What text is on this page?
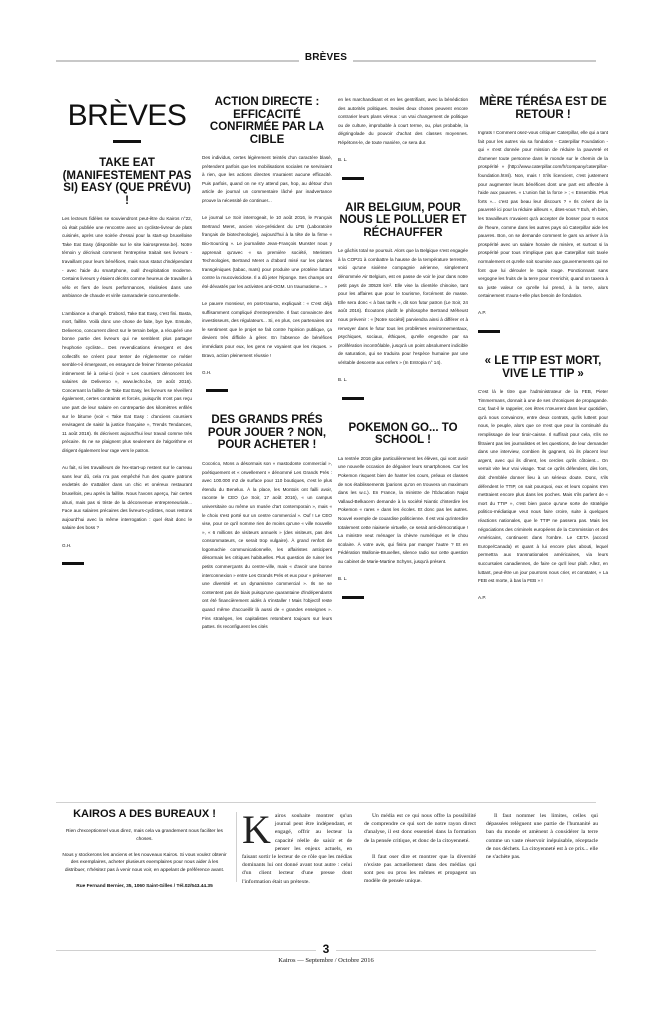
BRÈVES
BRÈVES
TAKE EAT (MANIFESTEMENT PAS SI) EASY (QUE PRÉVU) !

Les lecteurs fidèles se souviendront peut-être du Kairos n°22, où était publiée une rencontre avec un cycliste-livreur de plats cuisinés, après une soirée d'essai pour la start-up bruxelloise Take Eat Easy (disponible sur le site kairospresse.be). Notre témoin y décrivait comment l'entreprise traitait ses livreurs - travaillant pour leurs bénéfices, mais sous statut d'indépendant - avec l'aide du smartphone, outil d'exploitation moderne. Certains livreurs y étaient décrits comme heureux de travailler à vélo et fiers de leurs performances, réalisées dans une ambiance de chaude et virile camaraderie concurrentielle.

L'ambiance a changé. D'abord, Take Eat Easy, c'est fini. Basta, mort, faillite. Voilà donc une chose de faite, bye bye. Ensuite, Deliveroo, concurrent direct sur le terrain belge, a récupéré une bonne partie des livreurs qui ne semblent plus partager l'euphorie cycliste... Des revendications émergent et des collectifs se créent pour tenter de réglementer ce métier semble-t-il émergeant, en essayant de freiner l'intense précariat intimement lié à celui-ci (voir « Les coursiers dénoncent les salaires de Deliveroo », www.lecho.be, 19 août 2016). Concernant la faillite de Take Eat Easy, les livreurs se réveillent également, certes contraints et forcés, puisqu'ils n'ont pas reçu une part de leur salaire en contrepartie des kilomètres enfilés sur le bitume (voir « Take Eat Easy : d'anciens coursiers envisagent de saisir la justice française », Trends Tendances, 11 août 2016). Ils décrivent aujourd'hui leur travail comme très précaire. Ils ne se plaignent plus seulement de l'algorithme et dirigent également leur rage vers le patron.

Au fait, si les travailleurs de l'ex-start-up restent sur le carreau sans leur dû, cela n'a pas empêché l'un des quatre patrons endettés de s'attabler dans un chic et onéreux restaurant bruxellois, peu après la faillite. Nous l'avons aperçu, l'air certes ahuri, mais pas si triste de la déconvenue entrepreneuriale... Face aux salaires précaires des livreurs-cyclistes, nous restons aujourd'hui avec la même interrogation : quel était donc le salaire des boss ?

G.H.
ACTION DIRECTE : EFFICACITÉ CONFIRMÉE PAR LA CIBLE

Des individus, certes légèrement teintés d'un caractère blasé, prétendent parfois que les mobilisations sociales ne serviraient à rien, que les actions directes n'auraient aucune efficacité. Puis parfois, quand on ne s'y attend pas, hop, au détour d'un article de journal un commentaire lâché par inadvertance prouve la nécessité de continuer...

Le journal Le Soir interrogeait, le 10 août 2016, le Français Bertrand Meret, ancien vice-président du LFB (Laboratoire français de biotechnologie), aujourd'hui à la tête de la firme « Bio-Sourcing ». Le journaliste Jean-François Munster nous y apprenait qu'avec « sa première société, Meristem Technologies, Bertrand Meret a d'abord misé sur les plantes transgéniques (tabac, maïs) pour produire une protéine luttant contre la mucoviscidose. Il a dû jeter l'éponge. Ses champs ont été dévastés par les activistes anti-OGM. Un traumatisme... »

Le pauvre monsieur, en post-trauma, expliquait : « C'est déjà suffisamment compliqué d'entreprendre. Il faut convaincre des investisseurs, des régulateurs... Si, en plus, ces partenaires ont le sentiment que le projet se fait contre l'opinion publique, ça devient très difficile à gérer. En l'absence de bénéfices immédiats pour eux, les gens ne voyaient que les risques. » Bravo, action pleinement réussie !

G.H.
DES GRANDS PRÉS POUR JOUER ? NON, POUR ACHETER !

Cocorico, Mons a désormais son « mastodonte commercial », poétiquement et « orwellement » dénommé Les Grands Prés : avec 100.000 m2 de surface pour 110 boutiques, c'est le plus étendu du Benelux. À la place, les Montois ont failli avoir, raconte le CEO (Le Soir, 17 août 2016), « un campus universitaire ou même un musée d'art contemporain », mais « le choix s'est porté sur un centre commercial ». Ouf ! Le CEO vise, pour ce qu'il nomme rien de moins qu'une « ville nouvelle », « 6 millions de visiteurs annuels » (des visiteurs, pas des consommateurs, ce serait trop vulgaire). À grand renfort de logomachie communicationnelle, les affairistes anticipent désormais les critiques habituelles. Plus question de ruiner les petits commerçants du centre-ville, mais « d'avoir une bonne interconnexion » entre Les Grands Prés et eux pour « préserver une diversité et un dynamisme commercial ». Ils ne se contentent pas de biais puisqu'une quarantaine d'indépendants ont été financièrement aidés à s'installer ! Mais l'objectif reste quand même d'accueillir là aussi de « grandes enseignes ». Fins stratèges, les capitalistes retombent toujours sur leurs pattes. Ils reconfigurent les cités

en les marchandisant et en les gentrifiant, avec la bénédiction des autorités politiques. Seules deux choses peuvent encore contrarier leurs plans véreux : un vrai changement de politique ou de culture, improbable à court terme, ou, plus probable, la dégringolade du pouvoir d'achat des classes moyennes. Répétons-le, de toute manière, ce sera dur.

B. L.
AIR BELGIUM, POUR NOUS LE POLLUER ET RÉCHAUFFER

Le gâchis total se poursuit. Alors que la Belgique s'est engagée à la COP21 à combattre la hausse de la température terrestre, voici qu'une sixième compagnie aérienne, simplement dénommée Air Belgium, est en passe de voir le jour dans notre petit pays de 30528 km². Elle vise la clientèle chinoise, tant pour les affaires que pour le tourisme, forcément de masse. Elle sera donc « à bas tarifs », dit son futur patron (Le Soir, 24 août 2016). Écoutons plutôt le philosophe Bertrand Méheust nous prévenir : « [Notre société] parviendra ainsi à différer et à renvoyer dans le futur tous les problèmes environnementaux, psychiques, sociaux, éthiques, qu'elle engendre par sa prolifération incontrôlable, jusqu'à un point absolument indicible de saturation, qui se traduira pour l'espèce humaine par une véritable descente aux enfers » (In Entropia n° 14).

B. L.
POKEMON GO... TO SCHOOL !

La rentrée 2016 gâte particulièrement les élèves, qui vont avoir une nouvelle occasion de dégainer leurs smartphones. Car les Pokemon risquent bien de hanter les cours, préaux et classes de nos établissements (parions qu'on en trouvera un maximum dans les w.c.). En France, la ministre de l'Éducation Najat Vallaud-Belkacem demande à la société Niantic d'interdire les Pokemon « rares » dans les écoles. Et donc pas les autres. Nouvel exemple de couardise politicienne. Il est vrai qu'interdire totalement cette niaiserie virtuelle, ce serait anti-démocratique ! La ministre veut ménager la chèvre numérique et le chou scolaire. À votre avis, qui finira par manger l'autre ? Et en Fédération Wallonie-Bruxelles, silence radio sur cette question au cabinet de Marie-Martine Schyns, jusqu'à présent.

B. L.
MÈRE TÉRÉSA EST DE RETOUR !

Ingrats ! Comment osez-vous critiquer Caterpillar, elle qui a tant fait pour les autres via sa fondation - Caterpillar Foundation - qui « s'est donnée pour mission de réduire la pauvreté et d'amener toute personne dans le monde sur le chemin de la prospérité » (http://www.caterpillar.com/fr/company/caterpillar-foundation.html). Non, mais ! S'ils licencient, c'est justement pour augmenter leurs bénéfices dont une part est affectée à l'aide aux pauvres. « L'union fait la force » ; « Ensemble. Plus forts »... c'est pas beau leur discours ? « Ils créent de la pauvreté ici pour la réduire ailleurs », dites-vous ? Euh, eh bien, les travailleurs n'avaient qu'à accepter de bosser pour 5 euros de l'heure, comme dans les autres pays où Caterpillar aide les pauvres. Bon, on se demande comment le gars va arriver à la prospérité avec un salaire horaire de misère, et surtout si la prospérité pour tous n'implique pas que Caterpillar soit taxée normalement et qu'elle soit soumise aux gouvernements qui ne font que lui dérouler le tapis rouge. Ponctionnant sans vergogne les fruits de la terre pour s'enrichir, quand on taxera à sa juste valeur ce qu'elle lui prend, à la terre, alors certainement n'aura-t-elle plus besoin de fondation.

A.P.
« LE TTIP EST MORT, VIVE LE TTIP »

C'est là le titre que l'administrateur de la FEB, Pieter Timmermans, donnait à une de ses chroniques de propagande. Car, faut-il le rappeler, ces êtres n'œuvrent dans leur quotidien, qu'à nous convaincre, entre deux contrats, qu'ils luttent pour nous, le peuple, alors que ce n'est que pour la continuité du remplissage de leur tiroir-caisse. Il suffirait pour cela, s'ils ne filtraient pas les journalistes et les questions, de leur demander dans une interview, combien ils gagnent, où ils placent leur argent, avec qui ils dînent, les cercles qu'ils côtoient... On verrait vite leur vrai visage. Tout ce qu'ils défendent, dès lors, doit d'emblée donner lieu à un sérieux doute. Donc, s'ils défendent le TTIP, on sait pourquoi, eux et leurs copains s'en mettraient encore plus dans les poches. Mais s'ils parlent de « mort du TTIP », c'est bien parce qu'une sorte de stratégie politico-médiatique veut nous faire croire, suite à quelques réactions nationales, que le TTIP ne passera pas. Mais les négociations des criminels européens de la Commission et des Américains, continuent dans l'ombre. Le CETA (accord Europe/Canada) et quant à lui encore plus abouti, lequel permettra aux transnationales américaines, via leurs succursales canadiennes, de faire ce qu'il leur plaît. Allez, en luttant, peut-être un jour pourrons nous crier, et constater, « La FEB est morte, à bas la FEB » !

A.P.
KAIROS A DES BUREAUX !

Rien d'exceptionnel vous direz, mais cela va grandement nous faciliter les choses.

Nous y stockerons les anciens et les nouveaux Kairos. Si vous voulez obtenir des exemplaires, acheter plusieurs exemplaires pour nous aider à les distribuer, n'hésitez pas à venir nous voir, en appelant de préférence avant.

Rue Fernand Bernier, 35, 1060 Saint-Gilles / Tél.02/543.44.35

K airos souhaite montrer qu'un journal peut être indépendant, et engagé, offrir au lecteur la capacité réelle de saisir et de penser les enjeux actuels, en faisant sortir le lecteur de ce rôle que les médias dominants lui ont donné avant tout autre : celui d'un client lecteur d'une presse dont l'information était un prétexte.

Un média est ce qui nous offre la possibilité de comprendre ce qui sort de notre rayon direct d'analyse, il est donc essentiel dans la formation de la pensée critique, et donc de la citoyenneté.

Il faut oser dire et montrer que la diversité n'existe pas actuellement dans des médias qui sont peu ou prou les mêmes et propagent un modèle de pensée unique.

Il faut nommer les limites, celles qui dépassées relèguent une partie de l'humanité au ban du monde et amènent à considérer la terre comme un vaste réservoir inépuisable, réceptacle de nos déchets. La citoyenneté est à ce prix... elle ne s'achète pas.

3
Kairos — Septembre / Octobre 2016
